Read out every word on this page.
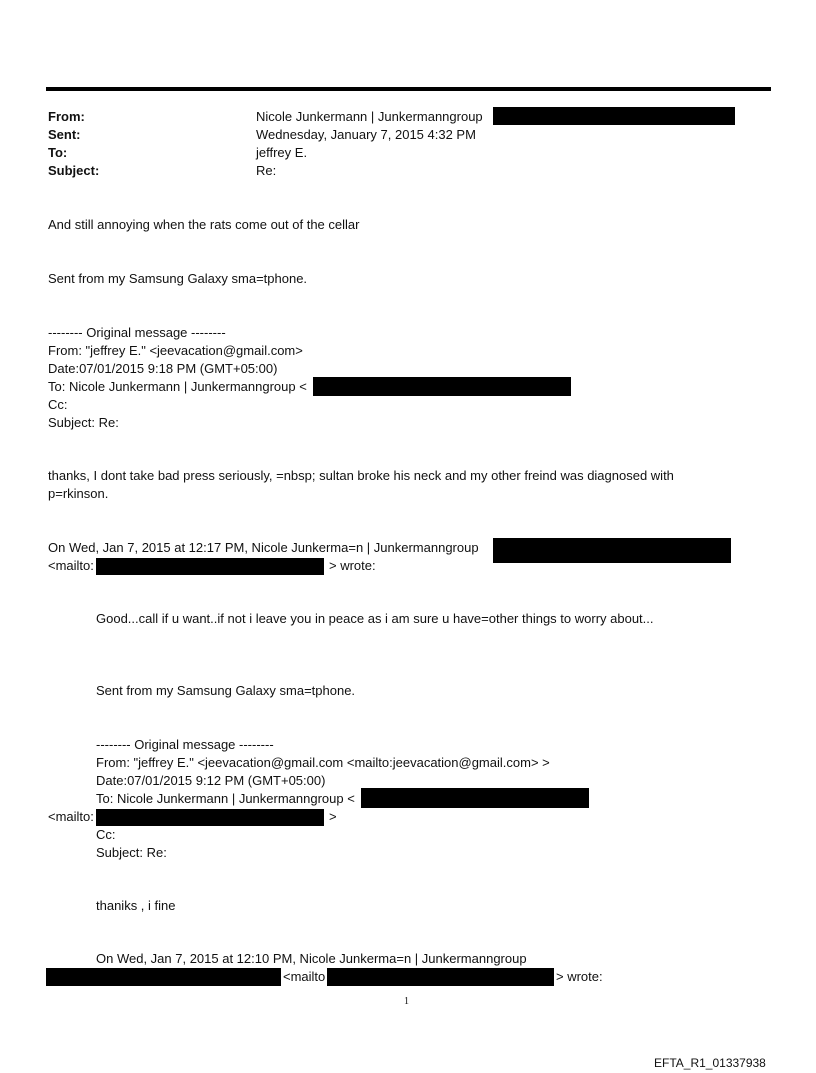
From:	Nicole Junkermann | Junkermanngroup
Sent:	Wednesday, January 7, 2015 4:32 PM
To:	jeffrey E.
Subject:	Re:
And still annoying when the rats come out of the cellar
Sent from my Samsung Galaxy sma=tphone.
-------- Original message --------
From: "jeffrey E." <jeevacation@gmail.com>
Date:07/01/2015 9:18 PM (GMT+05:00)
To: Nicole Junkermann | Junkermanngroup <
Cc:
Subject: Re:
thanks, I dont take bad press seriously, =nbsp; sultan broke his neck and my other freind was diagnosed with
p=rkinson.
On Wed, Jan 7, 2015 at 12:17 PM, Nicole Junkerma=n | Junkermanngroup
<mailto:	> wrote:
Good...call if u want..if not i leave you in peace as i am sure u have=other things to worry about...
Sent from my Samsung Galaxy sma=tphone.
-------- Original message --------
From: "jeffrey E." <jeevacation@gmail.com <mailto:jeevacation@gmail.com> >
Date:07/01/2015 9:12 PM (GMT+05:00)
To: Nicole Junkermann | Junkermanngroup <
<mailto:	>
Cc:
Subject: Re:
thaniks , i fine
On Wed, Jan 7, 2015 at 12:10 PM, Nicole Junkerma=n | Junkermanngroup
<mailto	> wrote:
1
EFTA_R1_01337938
